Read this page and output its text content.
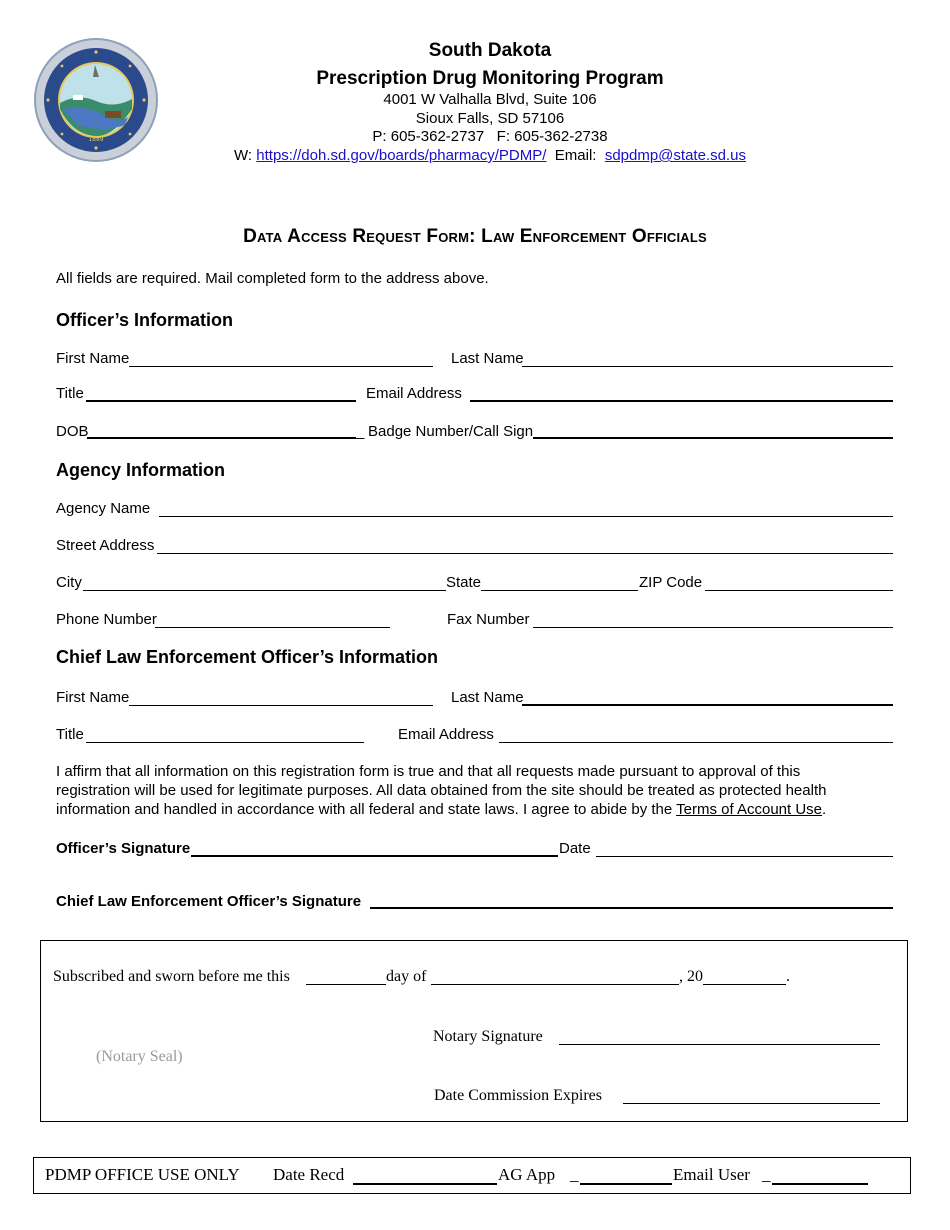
1889
South Dakota
Prescription Drug Monitoring Program
4001 W Valhalla Blvd, Suite 106
Sioux Falls, SD 57106
P: 605-362-2737   F: 605-362-2738
W: https://doh.sd.gov/boards/pharmacy/PDMP/ Email: sdpdmp@state.sd.us
Data Access Request Form: Law Enforcement Officials
All fields are required. Mail completed form to the address above.
Officer’s Information
First Name	Last Name
Title	Email Address
DOB	_ Badge Number/Call Sign
Agency Information
Agency Name
Street Address
City	State	ZIP Code
Phone Number	Fax Number
Chief Law Enforcement Officer’s Information
First Name	Last Name
Title	Email Address
I affirm that all information on this registration form is true and that all requests made pursuant to approval of this registration will be used for legitimate purposes. All data obtained from the site should be treated as protected health information and handled in accordance with all federal and state laws. I agree to abide by the Terms of Account Use.
Officer’s Signature	Date
Chief Law Enforcement Officer’s Signature
Subscribed and sworn before me this	day of	, 20	.
Notary Signature
(Notary Seal)
Date Commission Expires
PDMP OFFICE USE ONLY Date Recd	AG App _	Email User _
